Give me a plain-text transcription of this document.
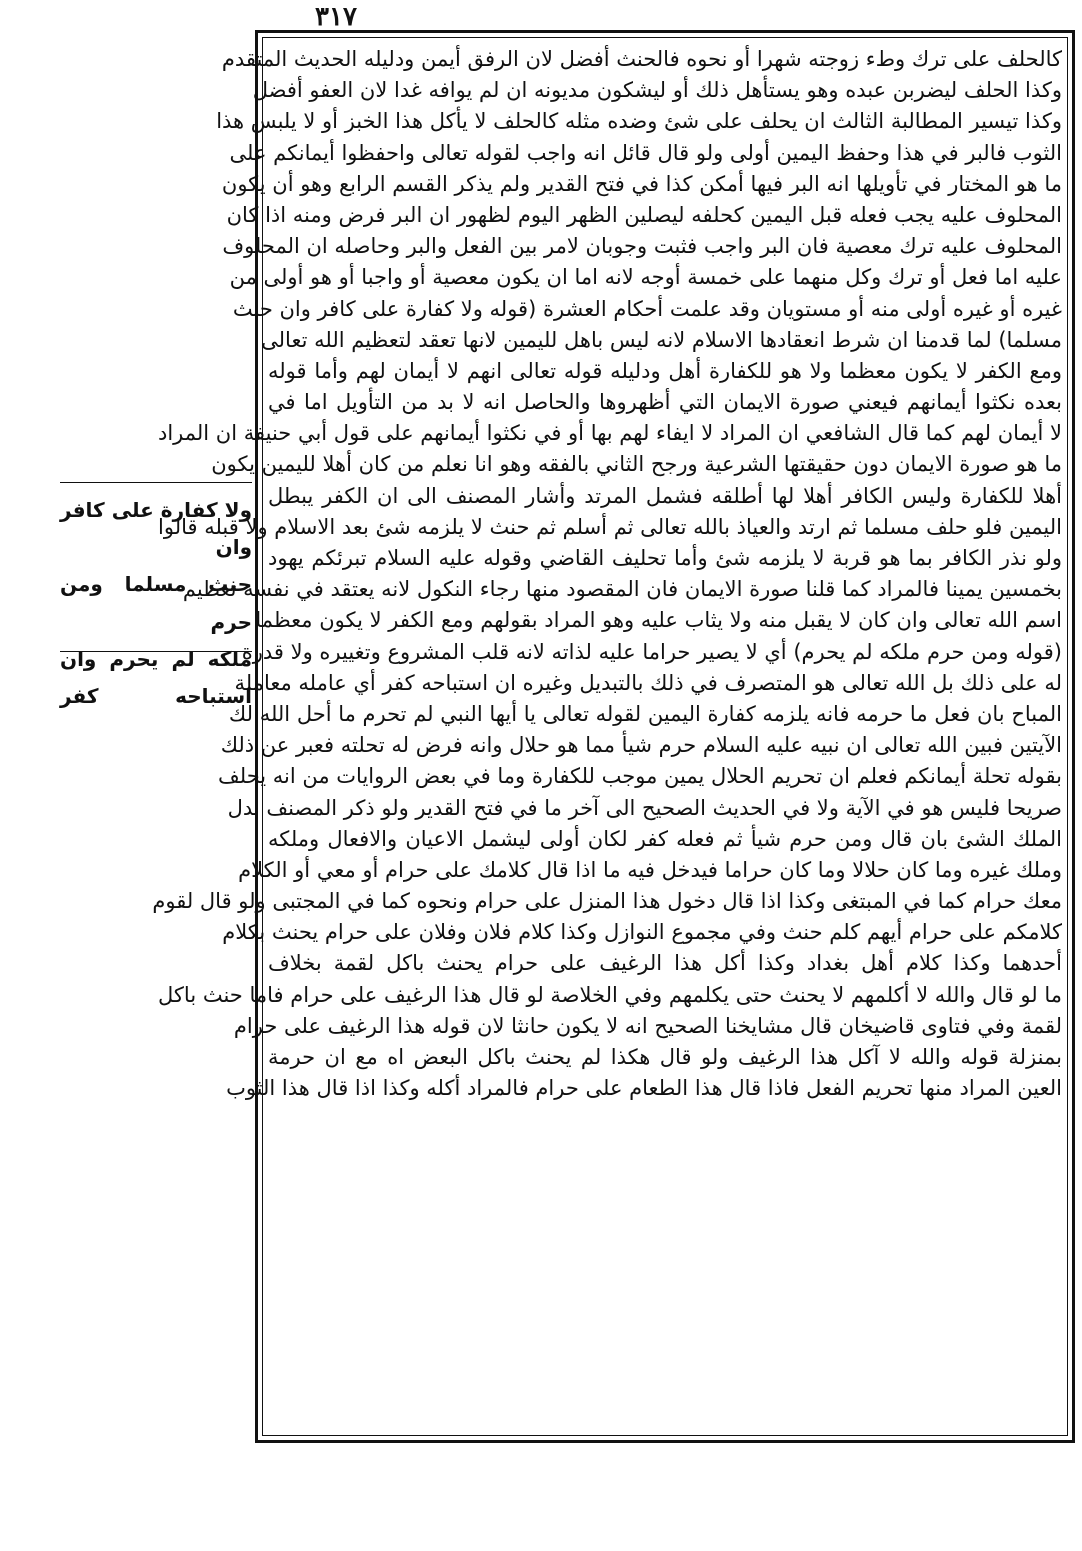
٣١٧
كالحلف على ترك وطء زوجته شهرا أو نحوه فالحنث أفضل لان الرفق أيمن ودليله الحديث المتقدم
وكذا الحلف ليضربن عبده وهو يستأهل ذلك أو ليشكون مديونه ان لم يوافه غدا لان العفو أفضل
وكذا تيسير المطالبة الثالث ان يحلف على شئ وضده مثله كالحلف لا يأكل هذا الخبز أو لا يلبس هذا
الثوب فالبر في هذا وحفظ اليمين أولى ولو قال قائل انه واجب لقوله تعالى واحفظوا أيمانكم على
ما هو المختار في تأويلها انه البر فيها أمكن كذا في فتح القدير ولم يذكر القسم الرابع وهو أن يكون
المحلوف عليه يجب فعله قبل اليمين كحلفه ليصلين الظهر اليوم لظهور ان البر فرض ومنه اذا كان
المحلوف عليه ترك معصية فان البر واجب فثبت وجوبان لامر بين الفعل والبر وحاصله ان المحلوف
عليه اما فعل أو ترك وكل منهما على خمسة أوجه لانه اما ان يكون معصية أو واجبا أو هو أولى من
غيره أو غيره أولى منه أو مستويان وقد علمت أحكام العشرة (قوله ولا كفارة على كافر وان حنث
مسلما) لما قدمنا ان شرط انعقادها الاسلام لانه ليس باهل لليمين لانها تعقد لتعظيم الله تعالى
ومع الكفر لا يكون معظما ولا هو للكفارة أهل ودليله قوله تعالى انهم لا أيمان لهم وأما قوله
بعده نكثوا أيمانهم فيعني صورة الايمان التي أظهروها والحاصل انه لا بد من التأويل اما في
لا أيمان لهم كما قال الشافعي ان المراد لا ايفاء لهم بها أو في نكثوا أيمانهم على قول أبي حنيفة ان المراد
ما هو صورة الايمان دون حقيقتها الشرعية ورجح الثاني بالفقه وهو انا نعلم من كان أهلا لليمين يكون
أهلا للكفارة وليس الكافر أهلا لها أطلقه فشمل المرتد وأشار المصنف الى ان الكفر يبطل
اليمين فلو حلف مسلما ثم ارتد والعياذ بالله تعالى ثم أسلم ثم حنث لا يلزمه شئ بعد الاسلام ولا قبله قالوا
ولو نذر الكافر بما هو قربة لا يلزمه شئ وأما تحليف القاضي وقوله عليه السلام تبرئكم يهود
بخمسين يمينا فالمراد كما قلنا صورة الايمان فان المقصود منها رجاء النكول لانه يعتقد في نفسه تعظيم
اسم الله تعالى وان كان لا يقبل منه ولا يثاب عليه وهو المراد بقولهم ومع الكفر لا يكون معظما
(قوله ومن حرم ملكه لم يحرم) أي لا يصير حراما عليه لذاته لانه قلب المشروع وتغييره ولا قدرة
له على ذلك بل الله تعالى هو المتصرف في ذلك بالتبديل وغيره ان استباحه كفر أي عامله معاملة
المباح بان فعل ما حرمه فانه يلزمه كفارة اليمين لقوله تعالى يا أيها النبي لم تحرم ما أحل الله لك
الآيتين فبين الله تعالى ان نبيه عليه السلام حرم شيأ مما هو حلال وانه فرض له تحلته فعبر عن ذلك
بقوله تحلة أيمانكم فعلم ان تحريم الحلال يمين موجب للكفارة وما في بعض الروايات من انه يحلف
صريحا فليس هو في الآية ولا في الحديث الصحيح الى آخر ما في فتح القدير ولو ذكر المصنف بدل
الملك الشئ بان قال ومن حرم شيأ ثم فعله كفر لكان أولى ليشمل الاعيان والافعال وملكه
وملك غيره وما كان حلالا وما كان حراما فيدخل فيه ما اذا قال كلامك على حرام أو معي أو الكلام
معك حرام كما في المبتغى وكذا اذا قال دخول هذا المنزل على حرام ونحوه كما في المجتبى ولو قال لقوم
كلامكم على حرام أيهم كلم حنث وفي مجموع النوازل وكذا كلام فلان وفلان على حرام يحنث بكلام
أحدهما وكذا كلام أهل بغداد وكذا أكل هذا الرغيف على حرام يحنث باكل لقمة بخلاف
ما لو قال والله لا أكلمهم لا يحنث حتى يكلمهم وفي الخلاصة لو قال هذا الرغيف على حرام فاما حنث باكل
لقمة وفي فتاوى قاضيخان قال مشايخنا الصحيح انه لا يكون حانثا لان قوله هذا الرغيف على حرام
بمنزلة قوله والله لا آكل هذا الرغيف ولو قال هكذا لم يحنث باكل البعض اه مع ان حرمة
العين المراد منها تحريم الفعل فاذا قال هذا الطعام على حرام فالمراد أكله وكذا اذا قال هذا الثوب
ولا كفارة على كافر وان
حنث مسلما ومن حرم
ملكه لم يحرم وان
استباحه كفر
